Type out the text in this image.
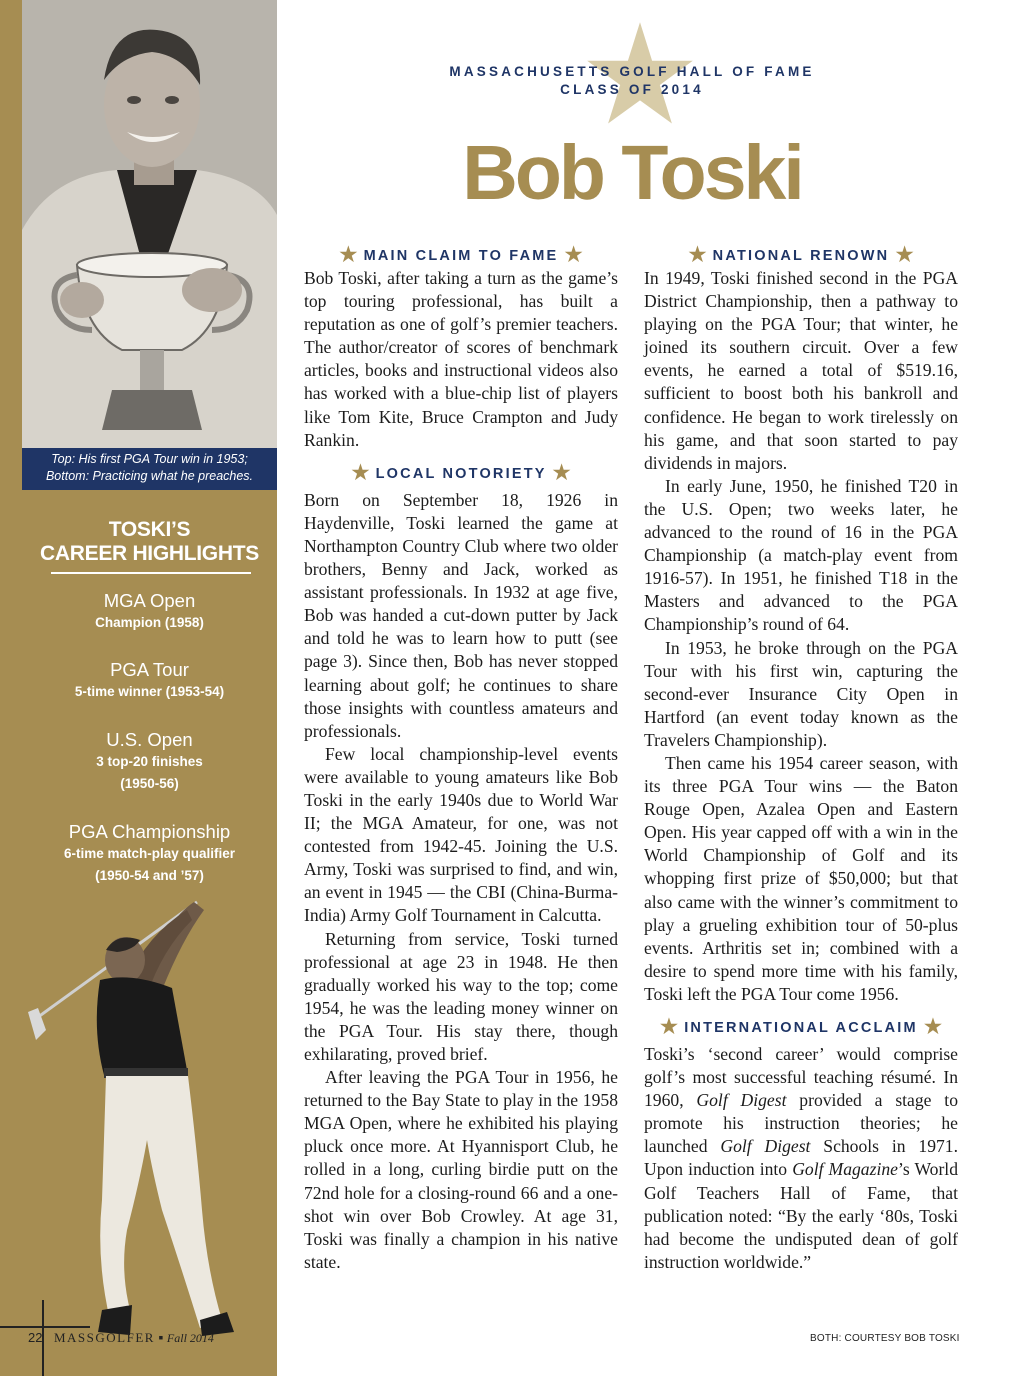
Top: His first PGA Tour win in 1953;
Bottom: Practicing what he preaches.
TOSKI’S
CAREER HIGHLIGHTS
MGA Open
Champion (1958)
PGA Tour
5-time winner (1953-54)
U.S. Open
3 top-20 finishes
(1950-56)
PGA Championship
6-time match-play qualifier
(1950-54 and ’57)
22 MASSGOLFER ▪ Fall 2014
MASSACHUSETTS GOLF HALL OF FAME
CLASS OF 2014
Bob Toski
★ MAIN CLAIM TO FAME ★

Bob Toski, after taking a turn as the game’s top touring professional, has built a reputation as one of golf’s premier teachers. The author/creator of scores of benchmark articles, books and instructional videos also has worked with a blue-chip list of players like Tom Kite, Bruce Crampton and Judy Rankin.

★ LOCAL NOTORIETY ★

Born on September 18, 1926 in Haydenville, Toski learned the game at Northampton Country Club where two older brothers, Benny and Jack, worked as assistant professionals. In 1932 at age five, Bob was handed a cut-down putter by Jack and told he was to learn how to putt (see page 3). Since then, Bob has never stopped learning about golf; he continues to share those insights with countless amateurs and professionals.

Few local championship-level events were available to young amateurs like Bob Toski in the early 1940s due to World War II; the MGA Amateur, for one, was not contested from 1942-45. Joining the U.S. Army, Toski was surprised to find, and win, an event in 1945 — the CBI (China-Burma-India) Army Golf Tournament in Calcutta.

Returning from service, Toski turned professional at age 23 in 1948. He then gradually worked his way to the top; come 1954, he was the leading money winner on the PGA Tour. His stay there, though exhilarating, proved brief.

After leaving the PGA Tour in 1956, he returned to the Bay State to play in the 1958 MGA Open, where he exhibited his playing pluck once more. At Hyannisport Club, he rolled in a long, curling birdie putt on the 72nd hole for a closing-round 66 and a one-shot win over Bob Crowley. At age 31, Toski was finally a champion in his native state.

★ NATIONAL RENOWN ★

In 1949, Toski finished second in the PGA District Championship, then a pathway to playing on the PGA Tour; that winter, he joined its southern circuit. Over a few events, he earned a total of $519.16, sufficient to boost both his bankroll and confidence. He began to work tirelessly on his game, and that soon started to pay dividends in majors.

In early June, 1950, he finished T20 in the U.S. Open; two weeks later, he advanced to the round of 16 in the PGA Championship (a match-play event from 1916-57). In 1951, he finished T18 in the Masters and advanced to the PGA Championship’s round of 64.

In 1953, he broke through on the PGA Tour with his first win, capturing the second-ever Insurance City Open in Hartford (an event today known as the Travelers Championship).

Then came his 1954 career season, with its three PGA Tour wins — the Baton Rouge Open, Azalea Open and Eastern Open. His year capped off with a win in the World Championship of Golf and its whopping first prize of $50,000; but that also came with the winner’s commitment to play a grueling exhibition tour of 50-plus events. Arthritis set in; combined with a desire to spend more time with his family, Toski left the PGA Tour come 1956.

★ INTERNATIONAL ACCLAIM ★

Toski’s ‘second career’ would comprise golf’s most successful teaching résumé. In 1960, Golf Digest provided a stage to promote his instruction theories; he launched Golf Digest Schools in 1971. Upon induction into Golf Magazine’s World Golf Teachers Hall of Fame, that publication noted: “By the early ‘80s, Toski had become the undisputed dean of golf instruction worldwide.”

BOTH: COURTESY BOB TOSKI
